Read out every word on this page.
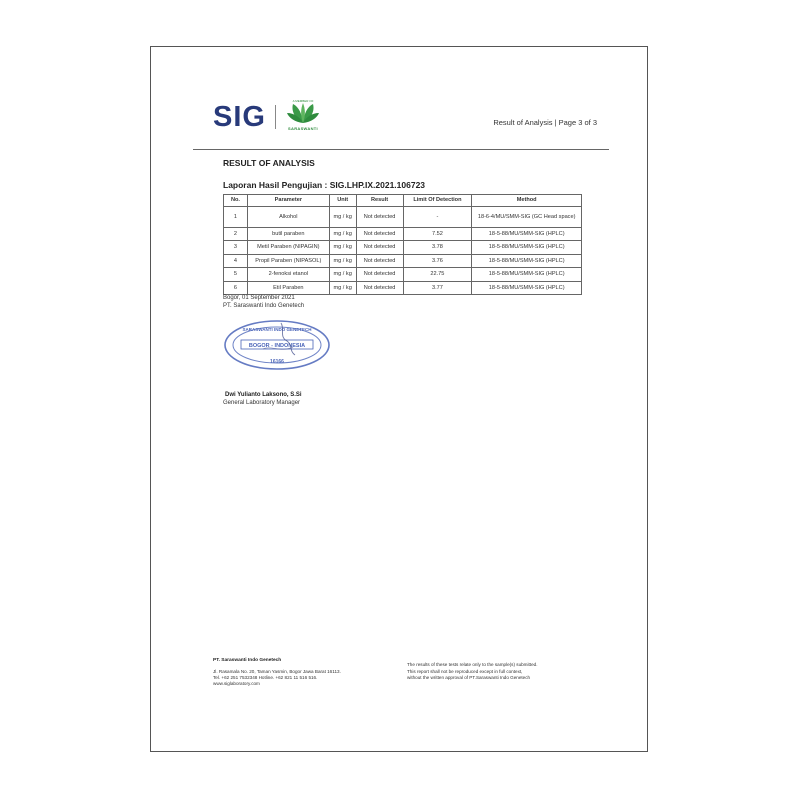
SIG	A MEMBER OF
SARASWANTI
Result of Analysis | Page 3 of 3
RESULT OF ANALYSIS
Laporan Hasil Pengujian : SIG.LHP.IX.2021.106723
No.	Parameter	Unit	Result	Limit Of Detection	Method
1	Alkohol	mg / kg	Not detected	-	18-6-4/MU/SMM-SIG (GC Head space)
2	butil paraben	mg / kg	Not detected	7.52	18-5-88/MU/SMM-SIG (HPLC)
3	Metil Paraben (NIPAGIN)	mg / kg	Not detected	3.78	18-5-88/MU/SMM-SIG (HPLC)
4	Propil Paraben (NIPASOL)	mg / kg	Not detected	3.76	18-5-88/MU/SMM-SIG (HPLC)
5	2-fenoksi etanol	mg / kg	Not detected	22.75	18-5-88/MU/SMM-SIG (HPLC)
6	Etil Paraben	mg / kg	Not detected	3.77	18-5-88/MU/SMM-SIG (HPLC)
Bogor, 01 September 2021
PT. Saraswanti Indo Genetech
SARASWANTI INDO GENETECH
BOGOR - INDONESIA
16166
Dwi Yulianto Laksono, S.Si
General Laboratory Manager
PT. Saraswanti Indo Genetech
Jl. Rasamala No. 20, Taman Yasmin, Bogor Jawa Barat 16113.
Tel. +62 251 7532348 Hotline. +62 821 11 516 516.
www.siglaboratory.com
The results of these tests relate only to the sample(s) submitted.
This report shall not be reproduced except in full context,
without the written approval of PT.Saraswanti Indo Genetech
